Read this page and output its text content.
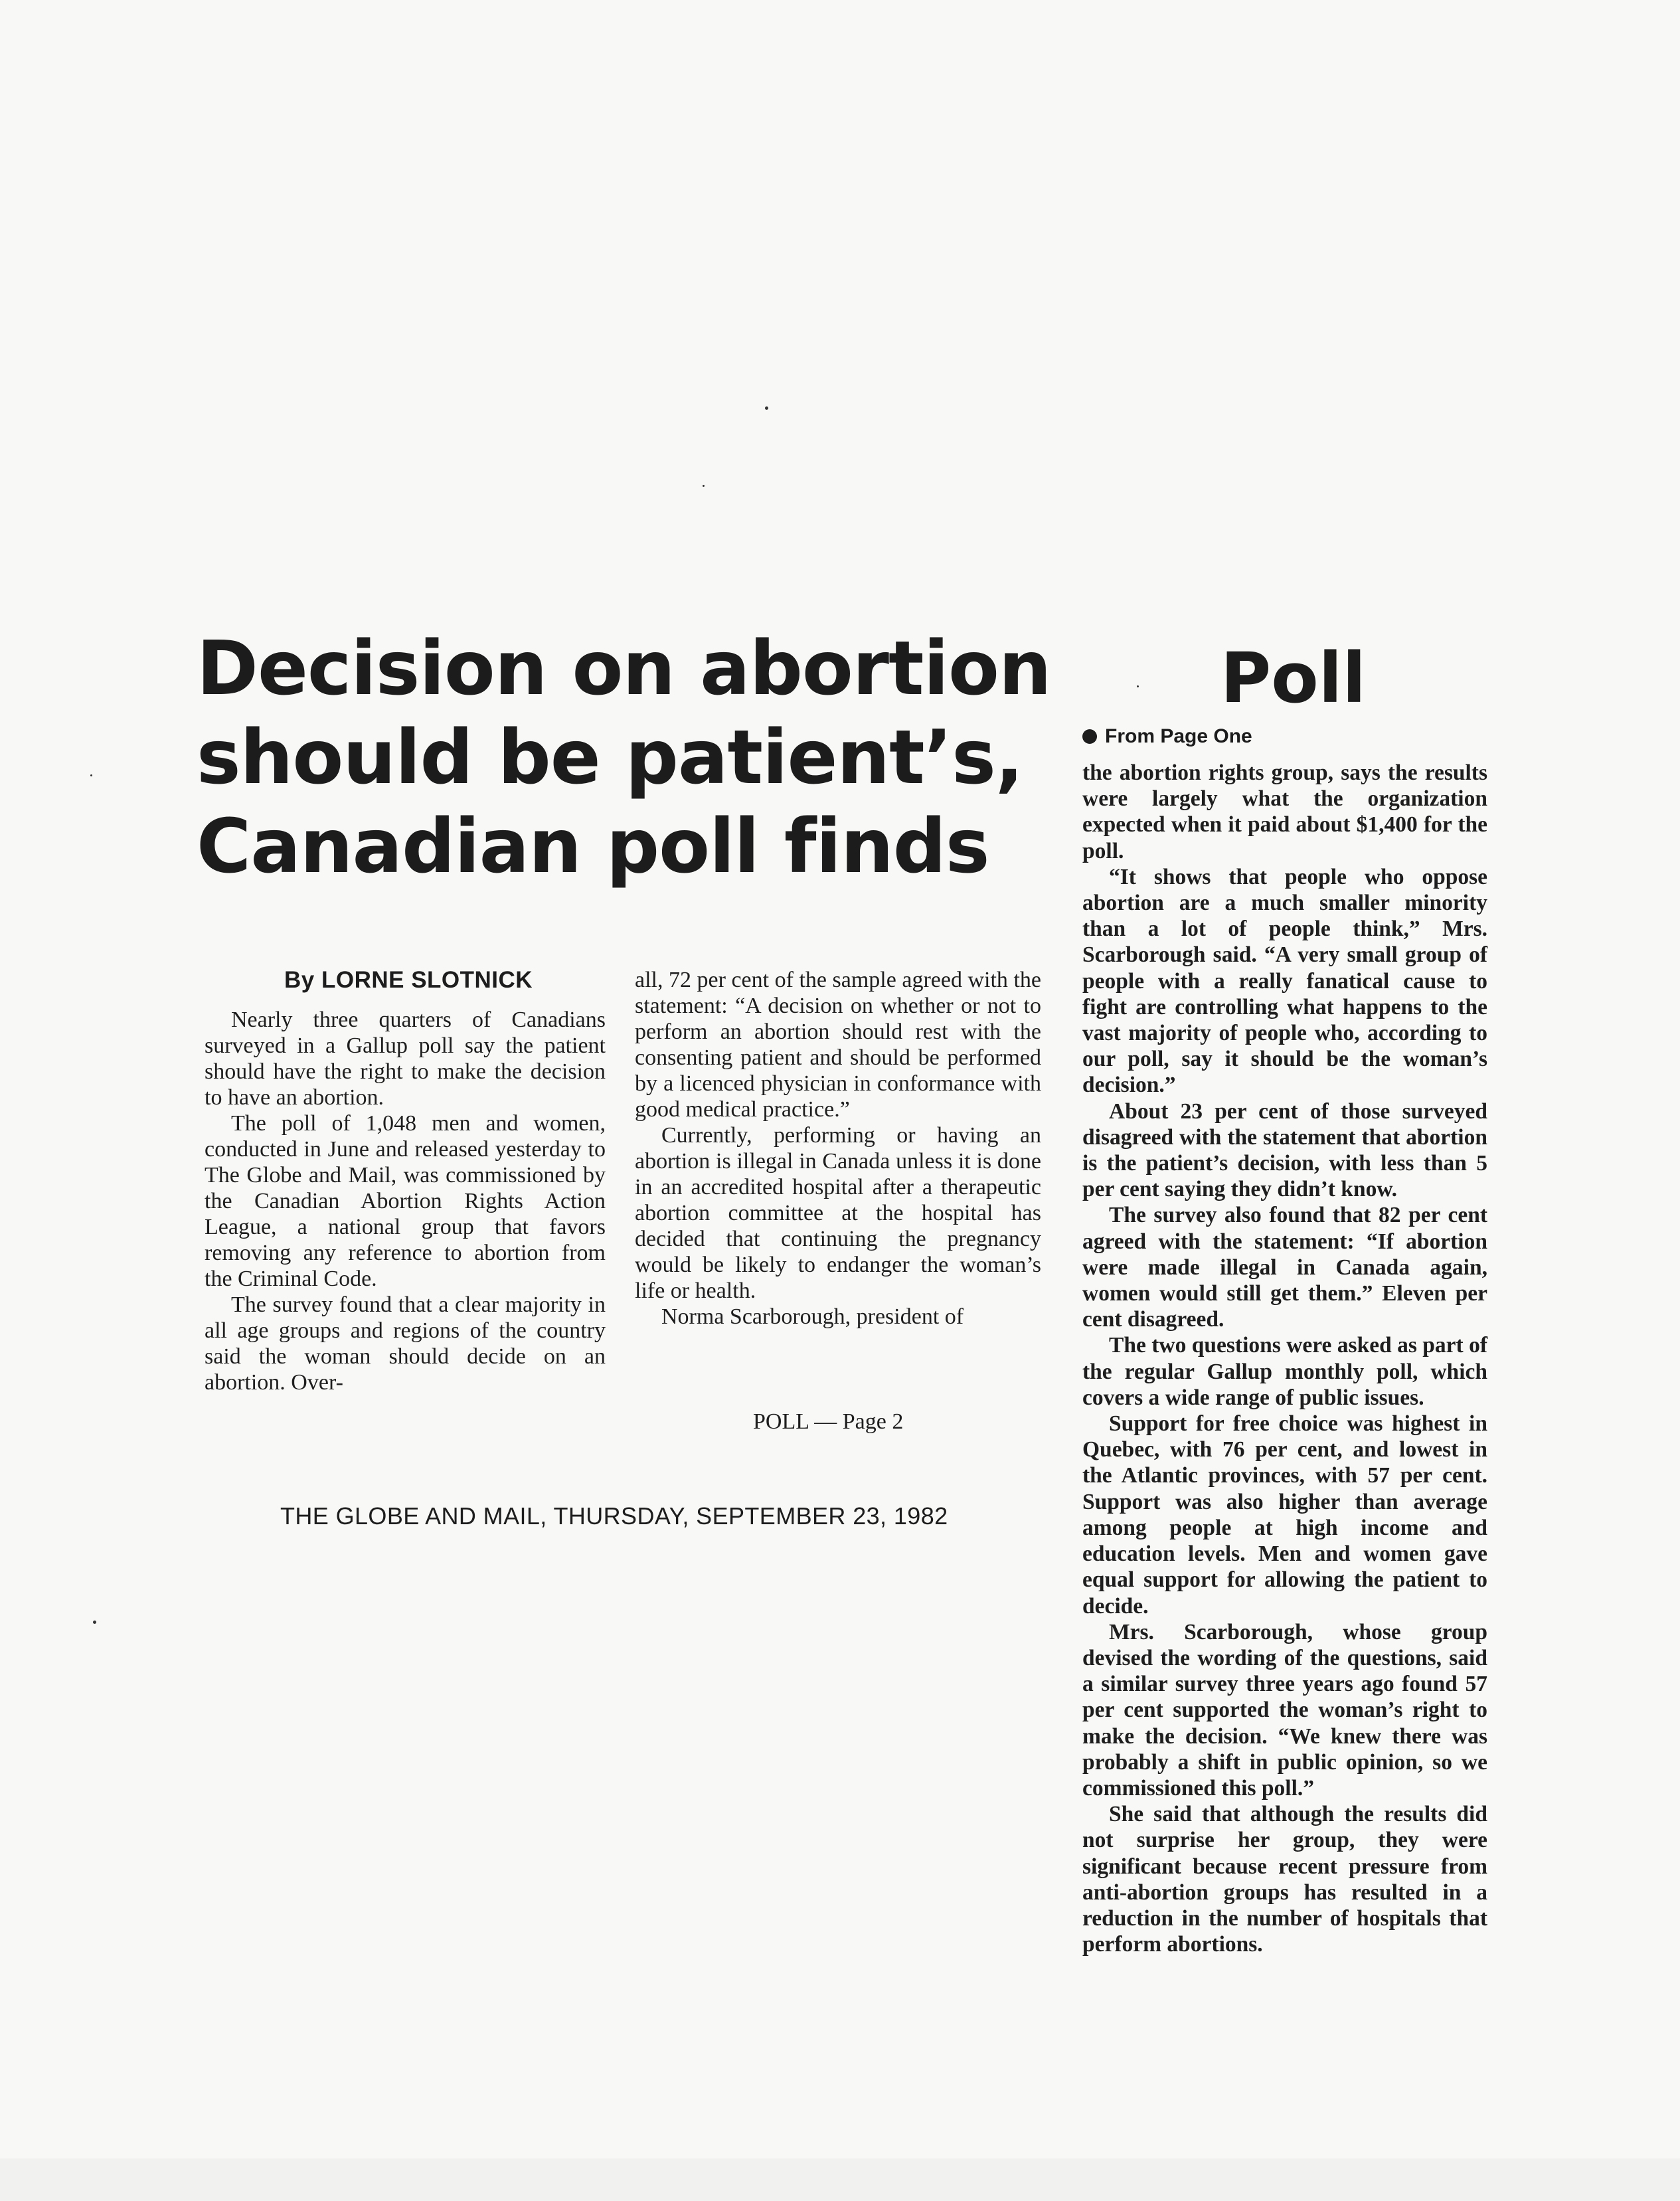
Decision on abortion
should be patient’s,
Canadian poll finds
By LORNE SLOTNICK

Nearly three quarters of Canadians surveyed in a Gallup poll say the patient should have the right to make the decision to have an abortion.

The poll of 1,048 men and women, conducted in June and released yesterday to The Globe and Mail, was commissioned by the Canadian Abortion Rights Action League, a national group that favors removing any reference to abortion from the Criminal Code.

The survey found that a clear majority in all age groups and regions of the country said the woman should decide on an abortion. Over-

all, 72 per cent of the sample agreed with the statement: “A decision on whether or not to perform an abortion should rest with the consenting patient and should be performed by a licenced physician in conformance with good medical practice.”

Currently, performing or having an abortion is illegal in Canada unless it is done in an accredited hospital after a therapeutic abortion committee at the hospital has decided that continuing the pregnancy would be likely to endanger the woman’s life or health.

Norma Scarborough, president of

POLL — Page 2
THE GLOBE AND MAIL, THURSDAY, SEPTEMBER 23, 1982
Poll
From Page One

the abortion rights group, says the results were largely what the organization expected when it paid about $1,400 for the poll.

“It shows that people who oppose abortion are a much smaller minority than a lot of people think,” Mrs. Scarborough said. “A very small group of people with a really fanatical cause to fight are controlling what happens to the vast majority of people who, according to our poll, say it should be the woman’s decision.”

About 23 per cent of those surveyed disagreed with the statement that abortion is the patient’s decision, with less than 5 per cent saying they didn’t know.

The survey also found that 82 per cent agreed with the statement: “If abortion were made illegal in Canada again, women would still get them.” Eleven per cent disagreed.

The two questions were asked as part of the regular Gallup monthly poll, which covers a wide range of public issues.

Support for free choice was highest in Quebec, with 76 per cent, and lowest in the Atlantic provinces, with 57 per cent. Support was also higher than average among people at high income and education levels. Men and women gave equal support for allowing the patient to decide.

Mrs. Scarborough, whose group devised the wording of the questions, said a similar survey three years ago found 57 per cent supported the woman’s right to make the decision. “We knew there was probably a shift in public opinion, so we commissioned this poll.”

She said that although the results did not surprise her group, they were significant because recent pressure from anti-abortion groups has resulted in a reduction in the number of hospitals that perform abortions.
